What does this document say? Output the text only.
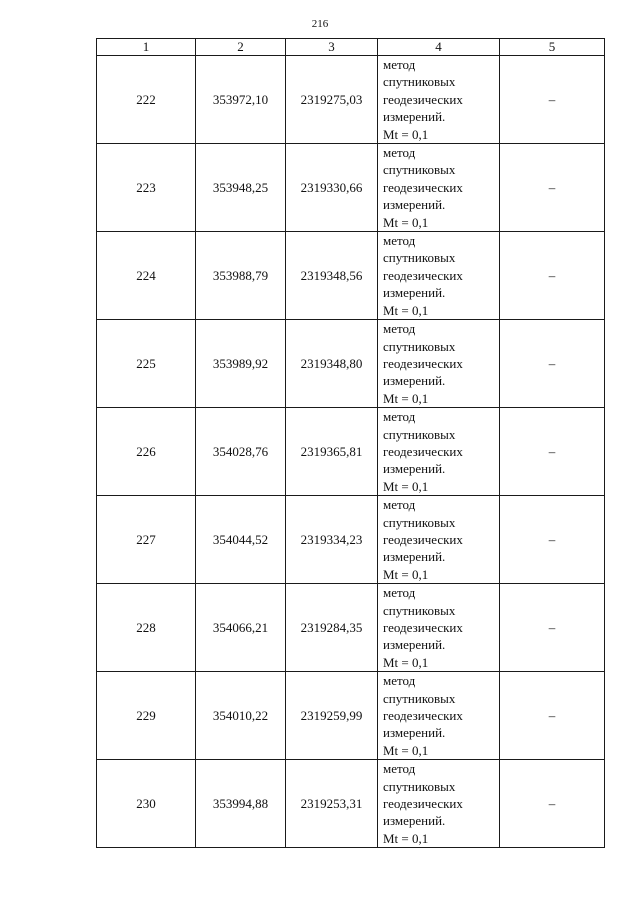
216
1	2	3	4	5
222	353972,10	2319275,03	метод
спутниковых
геодезических
измерений.
Mt = 0,1	–
223	353948,25	2319330,66	метод
спутниковых
геодезических
измерений.
Mt = 0,1	–
224	353988,79	2319348,56	метод
спутниковых
геодезических
измерений.
Mt = 0,1	–
225	353989,92	2319348,80	метод
спутниковых
геодезических
измерений.
Mt = 0,1	–
226	354028,76	2319365,81	метод
спутниковых
геодезических
измерений.
Mt = 0,1	–
227	354044,52	2319334,23	метод
спутниковых
геодезических
измерений.
Mt = 0,1	–
228	354066,21	2319284,35	метод
спутниковых
геодезических
измерений.
Mt = 0,1	–
229	354010,22	2319259,99	метод
спутниковых
геодезических
измерений.
Mt = 0,1	–
230	353994,88	2319253,31	метод
спутниковых
геодезических
измерений.
Mt = 0,1	–
